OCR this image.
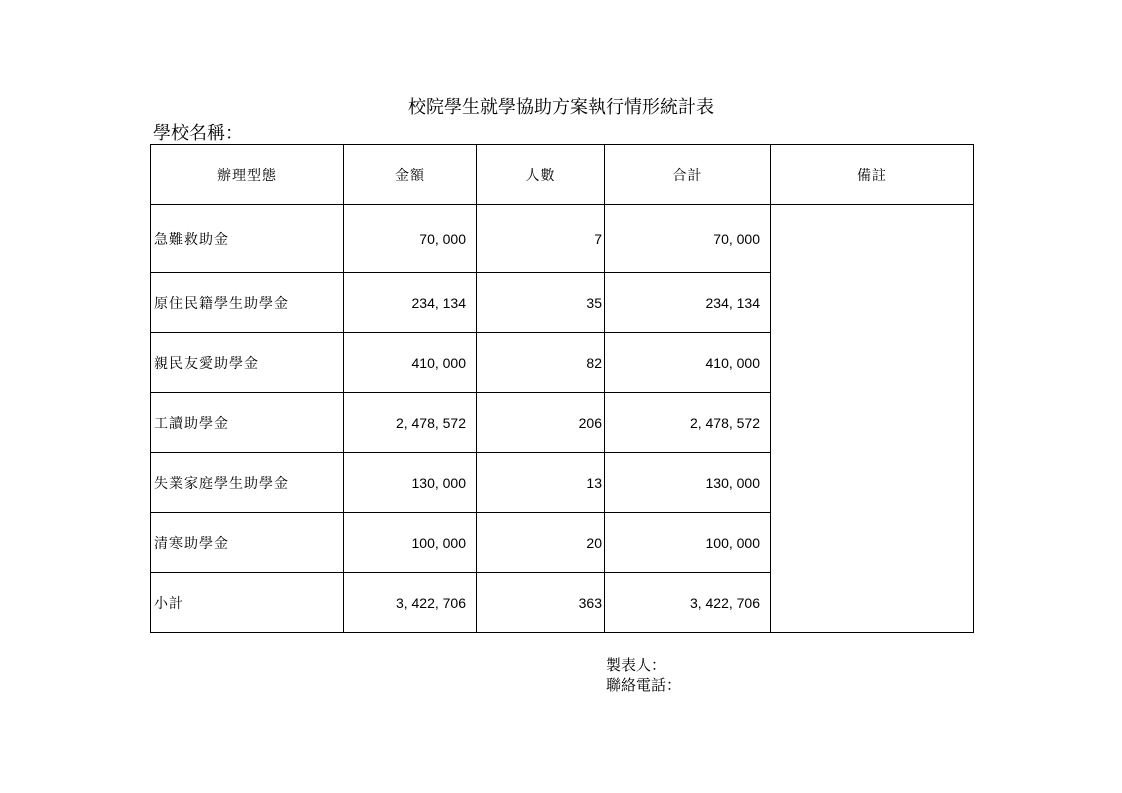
校院學生就學協助方案執行情形統計表
學校名稱：
辦理型態	金額	人數	合計	備註
急難救助金	70, 000	7	70, 000	
原住民籍學生助學金	234, 134	35	234, 134	
親民友愛助學金	410, 000	82	410, 000	
工讀助學金	2, 478, 572	206	2, 478, 572	
失業家庭學生助學金	130, 000	13	130, 000	
清寒助學金	100, 000	20	100, 000	
小計	3, 422, 706	363	3, 422, 706	
製表人：
聯絡電話：
